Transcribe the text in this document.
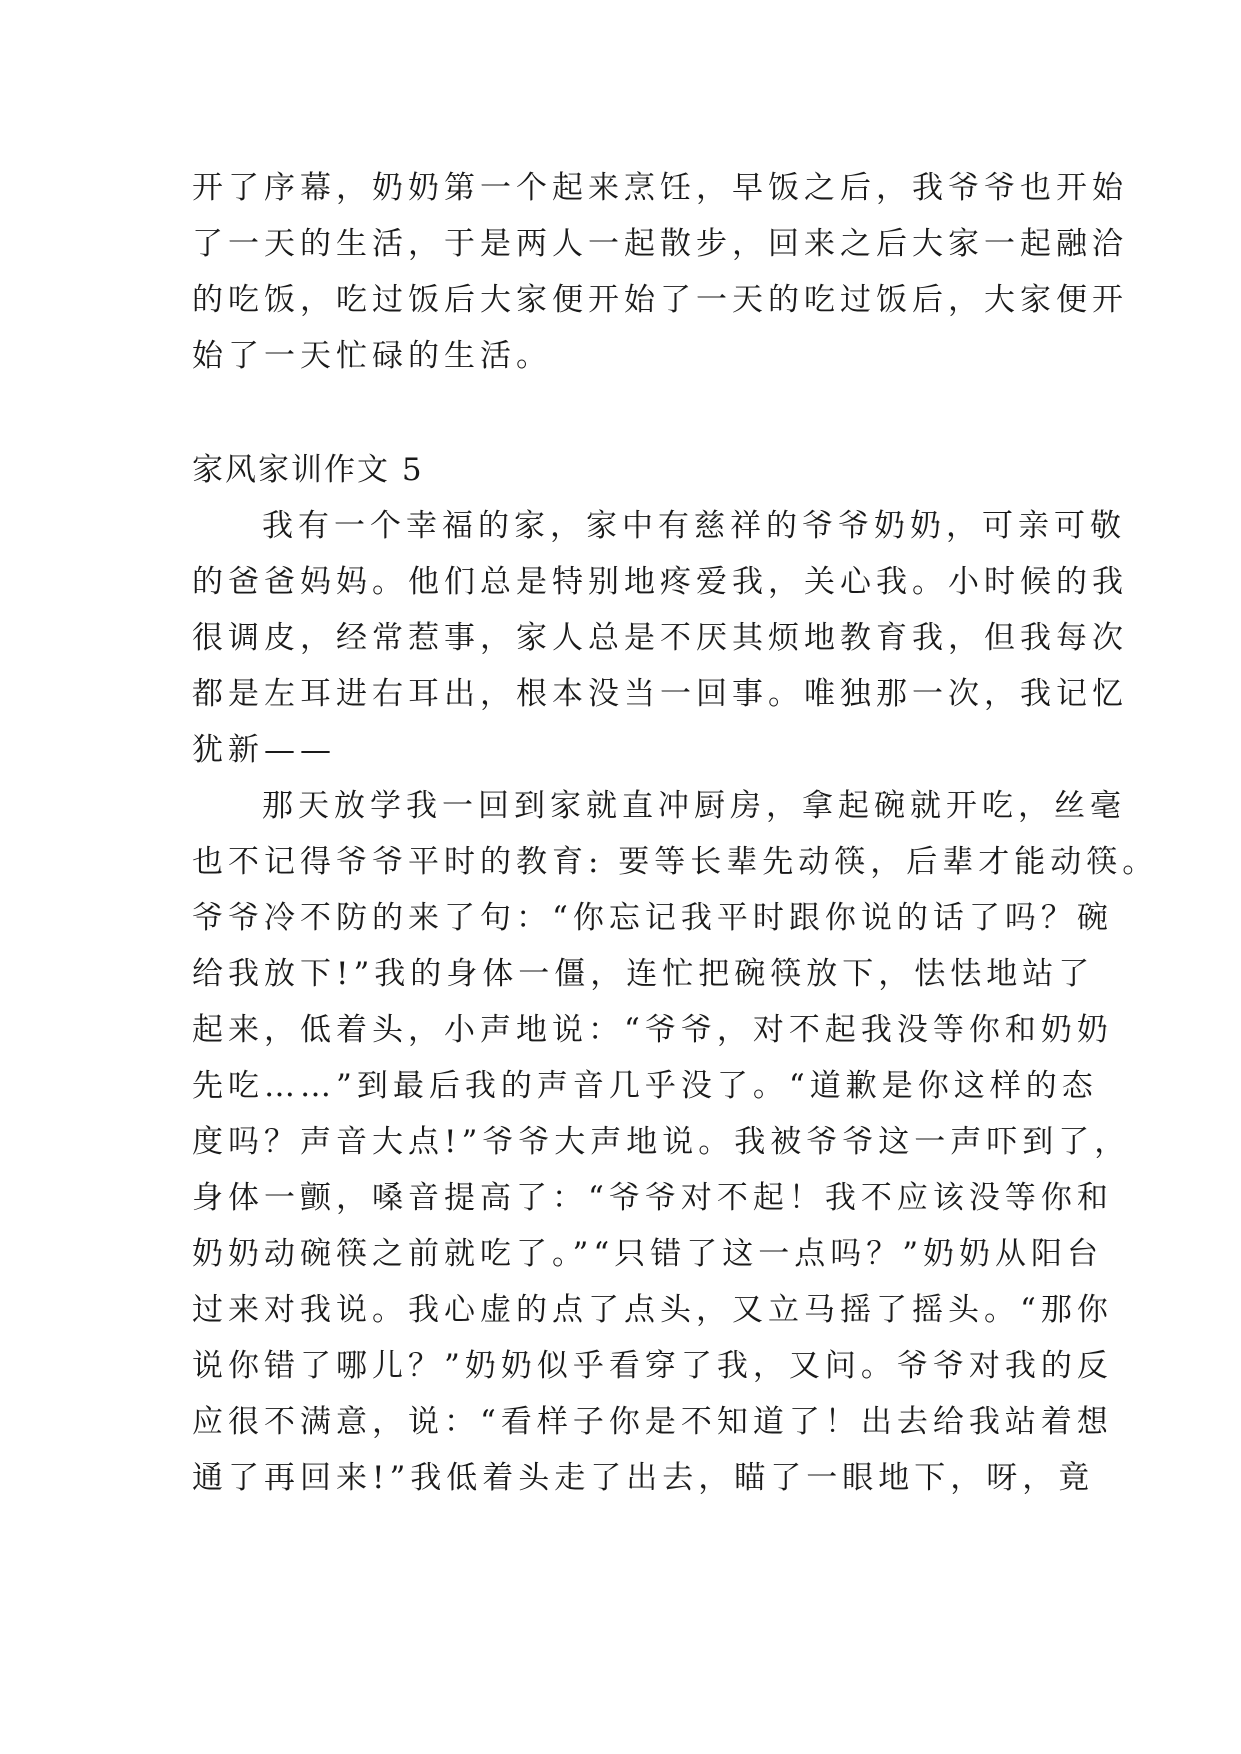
开了序幕，奶奶第一个起来烹饪，早饭之后，我爷爷也开始
了一天的生活，于是两人一起散步，回来之后大家一起融洽
的吃饭，吃过饭后大家便开始了一天的吃过饭后，大家便开
始了一天忙碌的生活。
家风家训作文 5
我有一个幸福的家，家中有慈祥的爷爷奶奶，可亲可敬
的爸爸妈妈。他们总是特别地疼爱我，关心我。小时候的我
很调皮，经常惹事，家人总是不厌其烦地教育我，但我每次
都是左耳进右耳出，根本没当一回事。唯独那一次，我记忆
犹新——
那天放学我一回到家就直冲厨房，拿起碗就开吃，丝毫
也不记得爷爷平时的教育: 要等长辈先动筷，后辈才能动筷。
爷爷冷不防的来了句：“你忘记我平时跟你说的话了吗？碗
给我放下!”我的身体一僵，连忙把碗筷放下，怯怯地站了
起来，低着头，小声地说：“爷爷，对不起我没等你和奶奶
先吃……”到最后我的声音几乎没了。“道歉是你这样的态
度吗？声音大点!”爷爷大声地说。我被爷爷这一声吓到了，
身体一颤，嗓音提高了：“爷爷对不起！我不应该没等你和
奶奶动碗筷之前就吃了。”“只错了这一点吗？”奶奶从阳台
过来对我说。我心虚的点了点头，又立马摇了摇头。“那你
说你错了哪儿？”奶奶似乎看穿了我，又问。爷爷对我的反
应很不满意，说：“看样子你是不知道了！出去给我站着想
通了再回来!”我低着头走了出去，瞄了一眼地下，呀，竟
